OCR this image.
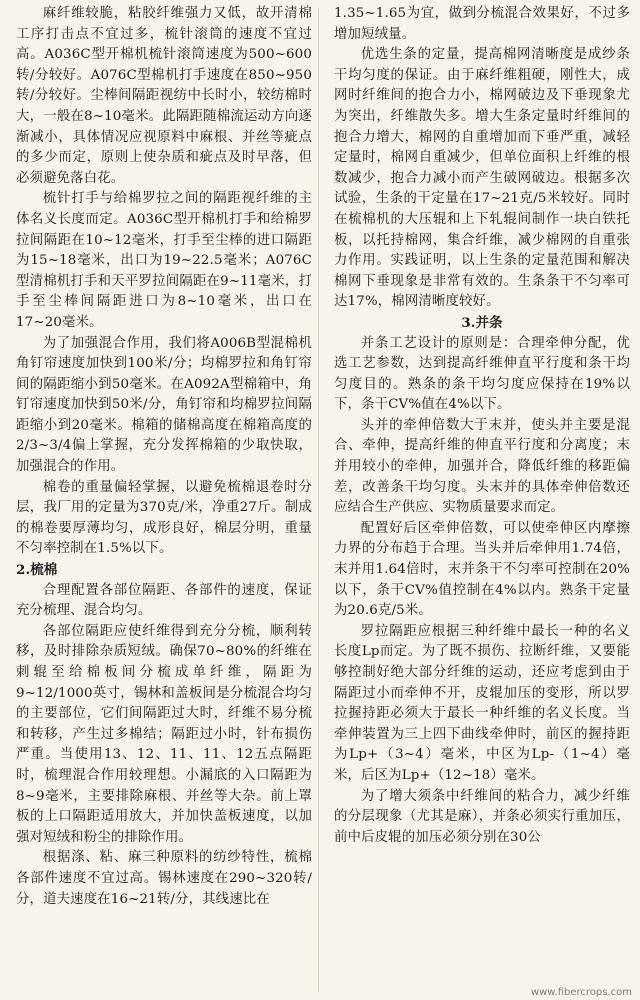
麻纤维较脆，粘胶纤维强力又低，故开清棉工序打击点不宜过多，梳针滚筒的速度不宜过高。A036C型开棉机梳针滚筒速度为500~600转/分较好。A076C型棉机打手速度在850~950转/分较好。尘棒间隔距视纺中长时小，较纺棉时大，一般在8~10毫米。此隔距随棉流运动方向逐渐减小，具体情况应视原料中麻根、并丝等疵点的多少而定，原则上使杂质和疵点及时早落，但必须避免落白花。

梳针打手与给棉罗拉之间的隔距视纤维的主体名义长度而定。A036C型开棉机打手和给棉罗拉间隔距在10~12毫米，打手至尘棒的进口隔距为15~18毫米，出口为19~22.5毫米；A076C型清棉机打手和天平罗拉间隔距在9~11毫米，打手至尘棒间隔距进口为8~10毫米，出口在17~20毫米。

为了加强混合作用，我们将A006B型混棉机角钉帘速度加快到100米/分；均棉罗拉和角钉帘间的隔距缩小到50毫米。在A092A型棉箱中，角钉帘速度加快到50米/分，角钉帘和均棉罗拉间隔距缩小到20毫米。棉箱的储棉高度在棉箱高度的2/3~3/4偏上掌握，充分发挥棉箱的少取快取，加强混合的作用。

棉卷的重量偏轻掌握，以避免梳棉退卷时分层，我厂用的定量为370克/米，净重27斤。制成的棉卷要厚薄均匀，成形良好，棉层分明，重量不匀率控制在1.5%以下。

2.梳棉

合理配置各部位隔距、各部件的速度，保证充分梳理、混合均匀。

各部位隔距应使纤维得到充分分梳，顺利转移，及时排除杂质短绒。确保70~80%的纤维在刺辊至给棉板间分梳成单纤维，隔距为9~12/1000英寸，锡林和盖板间是分梳混合均匀的主要部位，它们间隔距过大时，纤维不易分梳和转移，产生过多棉结；隔距过小时，针布损伤严重。当使用13、12、11、11、12五点隔距时，梳理混合作用较理想。小漏底的入口隔距为8~9毫米，主要排除麻根、并丝等大杂。前上罩板的上口隔距适用放大，并加快盖板速度，以加强对短绒和粉尘的排除作用。

根据涤、粘、麻三种原料的纺纱特性，梳棉各部件速度不宜过高。锡林速度在290~320转/分，道夫速度在16~21转/分，其线速比在

1.35~1.65为宜，做到分梳混合效果好，不过多增加短绒量。

优选生条的定量，提高棉网清晰度是成纱条干均匀度的保证。由于麻纤维粗硬，刚性大，成网时纤维间的抱合力小，棉网破边及下垂现象尤为突出，纤维散失多。增大生条定量时纤维间的抱合力增大，棉网的自重增加而下垂严重，减轻定量时，棉网自重减少，但单位面积上纤维的根数减少，抱合力减小而产生破网破边。根据多次试验，生条的干定量在17~21克/5米较好。同时在梳棉机的大压辊和上下轧辊间制作一块白铁托板，以托持棉网，集合纤维，减少棉网的自重张力作用。实践证明，以上生条的定量范围和解决棉网下垂现象是非常有效的。生条条干不匀率可达17%，棉网清晰度较好。

3.并条

并条工艺设计的原则是：合理牵伸分配，优选工艺参数，达到提高纤维伸直平行度和条干均匀度目的。熟条的条干均匀度应保持在19%以下，条干CV%值在4%以下。

头并的牵伸倍数大于末并，使头并主要是混合、牵伸，提高纤维的伸直平行度和分离度；末并用较小的牵伸，加强并合，降低纤维的移距偏差，改善条干均匀度。头末并的具体牵伸倍数还应结合生产供应、实物质量要求而定。

配置好后区牵伸倍数，可以使牵伸区内摩擦力界的分布趋于合理。当头并后牵伸用1.74倍，末并用1.64倍时，末并条干不匀率可控制在20%以下，条干CV%值控制在4%以内。熟条干定量为20.6克/5米。

罗拉隔距应根据三种纤维中最长一种的名义长度Lp而定。为了既不损伤、拉断纤维，又要能够控制好绝大部分纤维的运动，还应考虑到由于隔距过小而牵伸不开，皮辊加压的变形，所以罗拉握持距必须大于最长一种纤维的名义长度。当牵伸装置为三上四下曲线牵伸时，前区的握持距为Lp+（3~4）毫米，中区为Lp-（1~4）毫米，后区为Lp+（12~18）毫米。

为了增大须条中纤维间的粘合力，减少纤维的分层现象（尤其是麻），并条必须实行重加压，前中后皮辊的加压必须分别在30公

www.fibercrops.com
